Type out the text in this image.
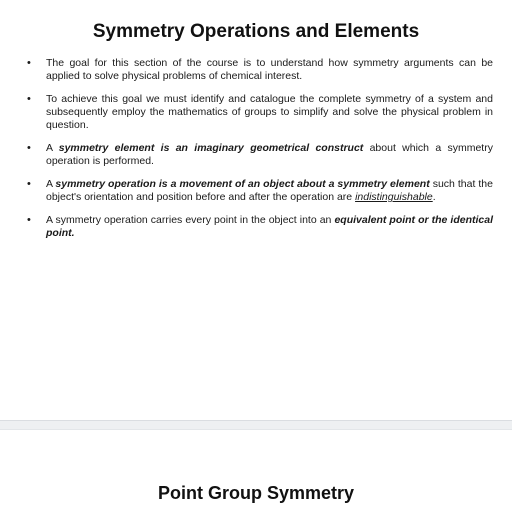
Symmetry Operations and Elements
• The goal for this section of the course is to understand how symmetry arguments can be applied to solve physical problems of chemical interest.
• To achieve this goal we must identify and catalogue the complete symmetry of a system and subsequently employ the mathematics of groups to simplify and solve the physical problem in question.
• A symmetry element is an imaginary geometrical construct about which a symmetry operation is performed.
• A symmetry operation is a movement of an object about a symmetry element such that the object's orientation and position before and after the operation are indistinguishable.
• A symmetry operation carries every point in the object into an equivalent point or the identical point.
Point Group Symmetry
